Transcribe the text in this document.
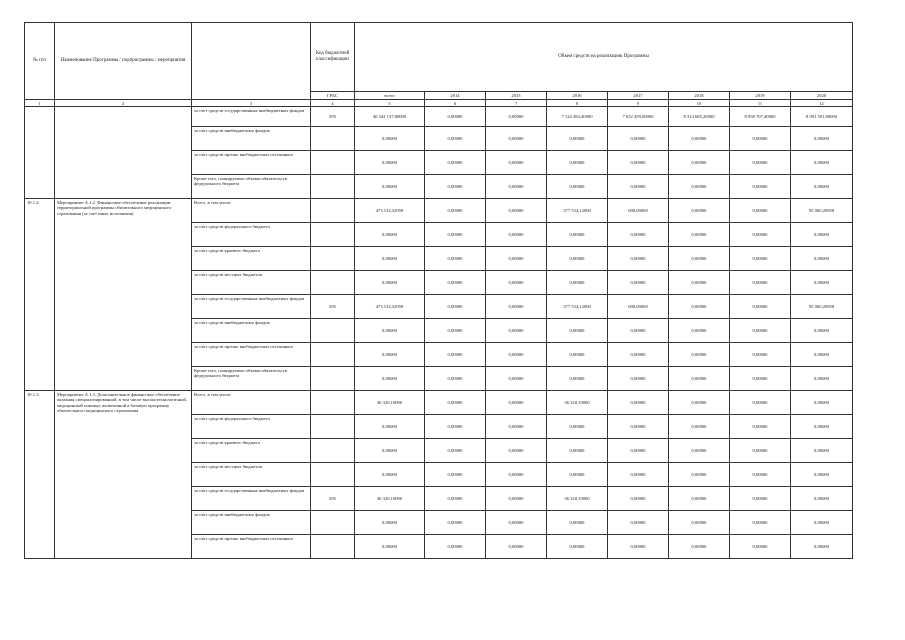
№ п/п	Наименование Программы / подпрограммы / мероприятия		Код бюджетной классификации	Объем средств на реализацию Программы							
			ГРБС	всего	2014	2015	2016	2017	2018	2019	2020
1	2	3	4	5	6	7	8	9	10	11	12
		за счет средств государственных внебюджетных фондов	395	40 342 137,80000	0,00000	0,00000	7 124 384,40000	7 652 459,00000	8 314 685,20000	8 958 707,40000	8 091 501,80000
		за счет средств внебюджетных фондов		0,00000	0,00000	0,00000	0,00000	0,00000	0,00000	0,00000	0,00000
		за счет средств прочих внебюджетных источников		0,00000	0,00000	0,00000	0,00000	0,00000	0,00000	0,00000	0,00000
		Кроме того, планируемые объемы обязательств федерального бюджета		0,00000	0,00000	0,00000	0,00000	0,00000	0,00000	0,00000	0,00000
10.1.2.	Мероприятие А.1.2. Финансовое обеспечение реализации территориальной программы обязательного медицинского страхования (за счет иных источников)	Всего, в том числе:		473 134,32958	0,00000	0,00000	377 534,12000	600,00000	0,00000	0,00000	95 000,20958
		за счет средств федерального бюджета		0,00000	0,00000	0,00000	0,00000	0,00000	0,00000	0,00000	0,00000
		за счет средств краевого бюджета		0,00000	0,00000	0,00000	0,00000	0,00000	0,00000	0,00000	0,00000
		за счет средств местных бюджетов		0,00000	0,00000	0,00000	0,00000	0,00000	0,00000	0,00000	0,00000
		за счет средств государственных внебюджетных фондов	395	473 134,32958	0,00000	0,00000	377 534,12000	600,00000	0,00000	0,00000	95 000,20958
		за счет средств внебюджетных фондов		0,00000	0,00000	0,00000	0,00000	0,00000	0,00000	0,00000	0,00000
		за счет средств прочих внебюджетных источников		0,00000	0,00000	0,00000	0,00000	0,00000	0,00000	0,00000	0,00000
		Кроме того, планируемые объемы обязательств федерального бюджета		0,00000	0,00000	0,00000	0,00000	0,00000	0,00000	0,00000	0,00000
10.1.3.	Мероприятие А.1.3. Дополнительное финансовое обеспечение оказания специализированной, в том числе высокотехнологичной, медицинской помощи, включенной в базовую программу обязательного медицинского страхования	Всего, в том числе:		36 320,10000	0,00000	0,00000	36 320,10000	0,00000	0,00000	0,00000	0,00000
		за счет средств федерального бюджета		0,00000	0,00000	0,00000	0,00000	0,00000	0,00000	0,00000	0,00000
		за счет средств краевого бюджета		0,00000	0,00000	0,00000	0,00000	0,00000	0,00000	0,00000	0,00000
		за счет средств местных бюджетов		0,00000	0,00000	0,00000	0,00000	0,00000	0,00000	0,00000	0,00000
		за счет средств государственных внебюджетных фондов	395	36 320,10000	0,00000	0,00000	36 320,10000	0,00000	0,00000	0,00000	0,00000
		за счет средств внебюджетных фондов		0,00000	0,00000	0,00000	0,00000	0,00000	0,00000	0,00000	0,00000
		за счет средств прочих внебюджетных источников		0,00000	0,00000	0,00000	0,00000	0,00000	0,00000	0,00000	0,00000
